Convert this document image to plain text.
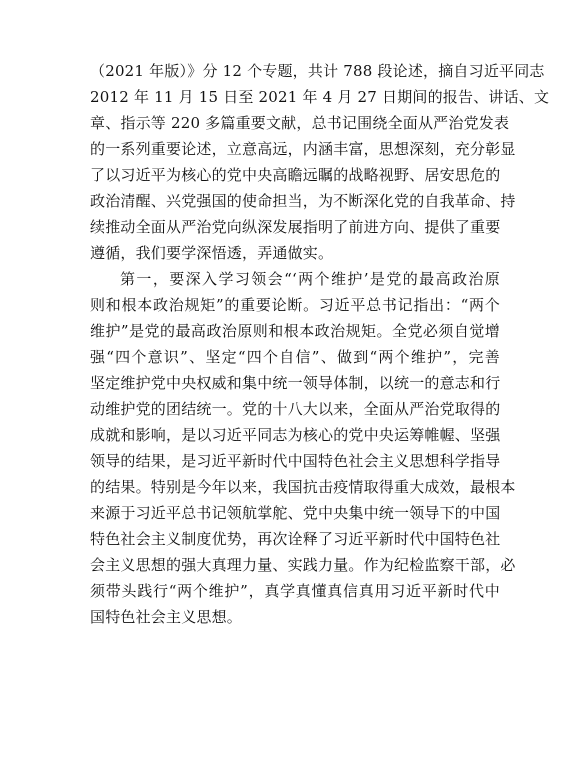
（2021 年版）》分 12 个专题，共计 788 段论述，摘自习近平同志
2012 年 11 月 15 日至 2021 年 4 月 27 日期间的报告、讲话、文
章、指示等 220 多篇重要文献，总书记围绕全面从严治党发表
的一系列重要论述，立意高远，内涵丰富，思想深刻，充分彰显
了以习近平为核心的党中央高瞻远瞩的战略视野、居安思危的
政治清醒、兴党强国的使命担当，为不断深化党的自我革命、持
续推动全面从严治党向纵深发展指明了前进方向、提供了重要
遵循，我们要学深悟透，弄通做实。
第一，要深入学习领会“‘两个维护’是党的最高政治原
则和根本政治规矩”的重要论断。习近平总书记指出：“两个
维护”是党的最高政治原则和根本政治规矩。全党必须自觉增
强“四个意识”、坚定“四个自信”、做到“两个维护”，完善
坚定维护党中央权威和集中统一领导体制，以统一的意志和行
动维护党的团结统一。党的十八大以来，全面从严治党取得的
成就和影响，是以习近平同志为核心的党中央运筹帷幄、坚强
领导的结果，是习近平新时代中国特色社会主义思想科学指导
的结果。特别是今年以来，我国抗击疫情取得重大成效，最根本
来源于习近平总书记领航掌舵、党中央集中统一领导下的中国
特色社会主义制度优势，再次诠释了习近平新时代中国特色社
会主义思想的强大真理力量、实践力量。作为纪检监察干部，必
须带头践行“两个维护”，真学真懂真信真用习近平新时代中
国特色社会主义思想。
